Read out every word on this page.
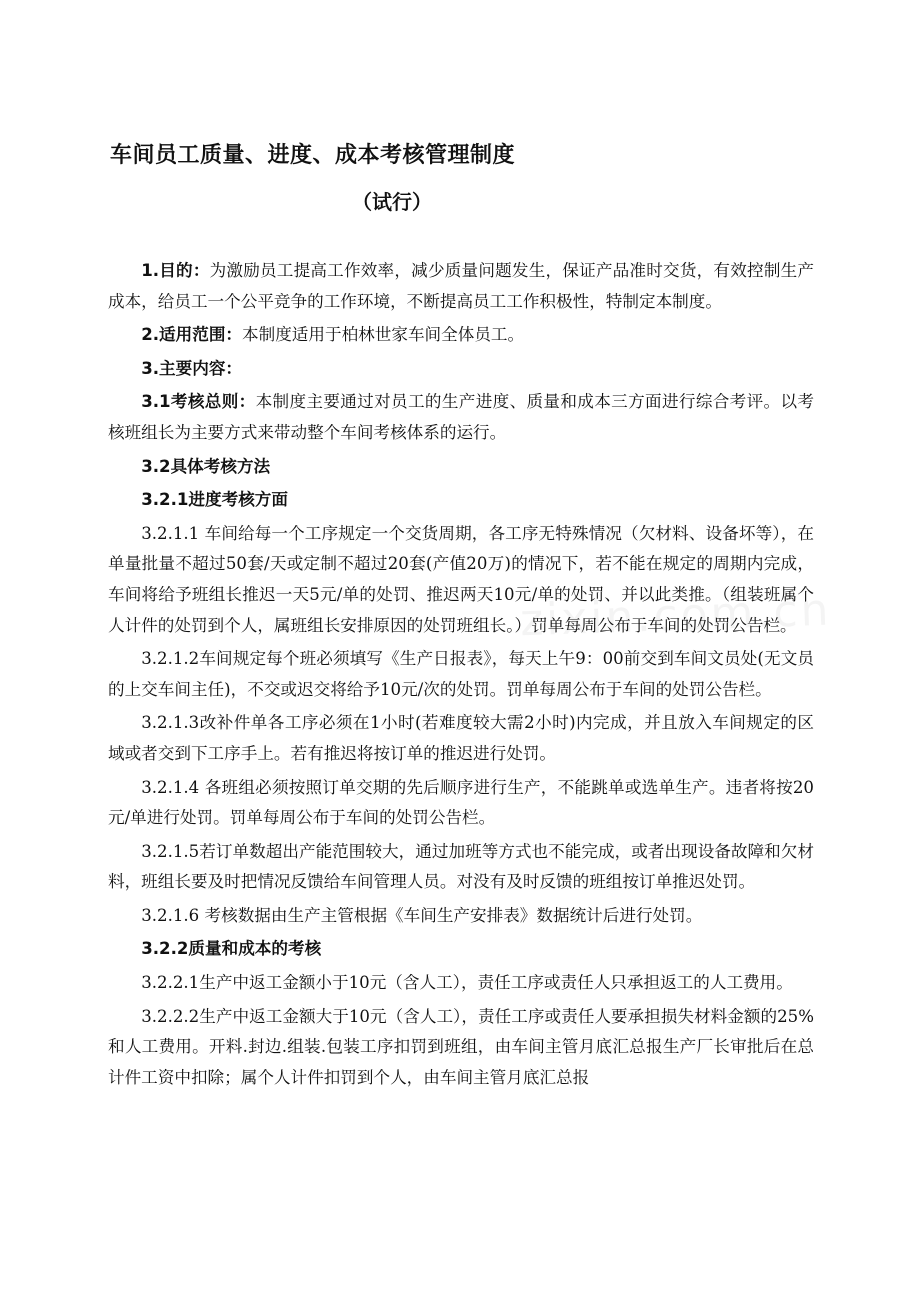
车间员工质量、进度、成本考核管理制度
（试行）

1.目的：为激励员工提高工作效率，减少质量问题发生，保证产品准时交货，有效控制生产成本，给员工一个公平竞争的工作环境，不断提高员工工作积极性，特制定本制度。

2.适用范围：本制度适用于柏林世家车间全体员工。

3.主要内容：

3.1考核总则：本制度主要通过对员工的生产进度、质量和成本三方面进行综合考评。以考核班组长为主要方式来带动整个车间考核体系的运行。

3.2具体考核方法

3.2.1进度考核方面

3.2.1.1 车间给每一个工序规定一个交货周期，各工序无特殊情况（欠材料、设备坏等），在单量批量不超过50套/天或定制不超过20套(产值20万)的情况下，若不能在规定的周期内完成，车间将给予班组长推迟一天5元/单的处罚、推迟两天10元/单的处罚、并以此类推。（组装班属个人计件的处罚到个人，属班组长安排原因的处罚班组长。）罚单每周公布于车间的处罚公告栏。

3.2.1.2车间规定每个班必须填写《生产日报表》，每天上午9：00前交到车间文员处(无文员的上交车间主任)，不交或迟交将给予10元/次的处罚。罚单每周公布于车间的处罚公告栏。

3.2.1.3改补件单各工序必须在1小时(若难度较大需2小时)内完成，并且放入车间规定的区域或者交到下工序手上。若有推迟将按订单的推迟进行处罚。

3.2.1.4 各班组必须按照订单交期的先后顺序进行生产，不能跳单或选单生产。违者将按20元/单进行处罚。罚单每周公布于车间的处罚公告栏。

3.2.1.5若订单数超出产能范围较大，通过加班等方式也不能完成，或者出现设备故障和欠材料，班组长要及时把情况反馈给车间管理人员。对没有及时反馈的班组按订单推迟处罚。

3.2.1.6 考核数据由生产主管根据《车间生产安排表》数据统计后进行处罚。

3.2.2质量和成本的考核

3.2.2.1生产中返工金额小于10元（含人工），责任工序或责任人只承担返工的人工费用。

3.2.2.2生产中返工金额大于10元（含人工），责任工序或责任人要承担损失材料金额的25%和人工费用。开料.封边.组装.包装工序扣罚到班组，由车间主管月底汇总报生产厂长审批后在总计件工资中扣除；属个人计件扣罚到个人，由车间主管月底汇总报
